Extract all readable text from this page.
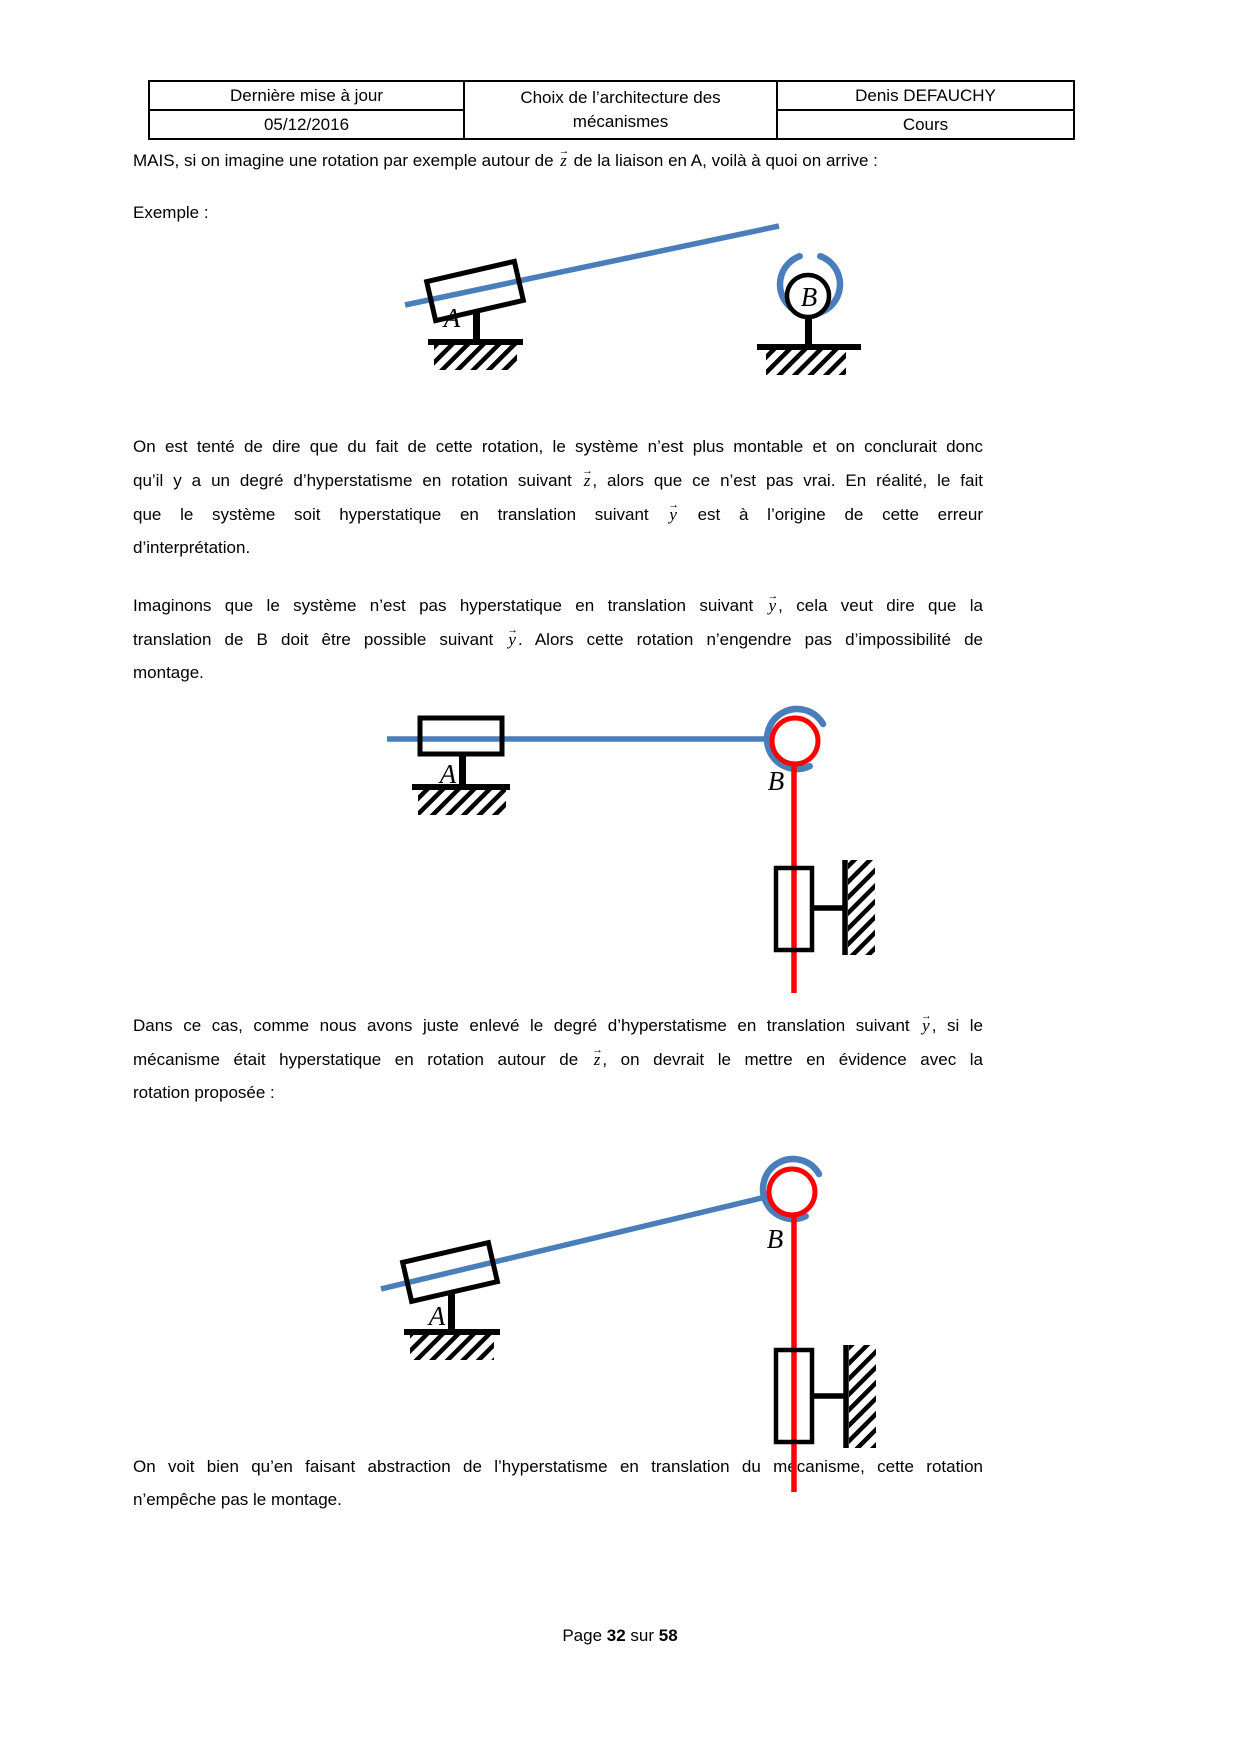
Dernière mise à jour	Choix de l’architecture des mécanismes	Denis DEFAUCHY
05/12/2016		Cours
MAIS, si on imagine une rotation par exemple autour de → z de la liaison en A, voilà à quoi on arrive :
Exemple :
On est tenté de dire que du fait de cette rotation, le système n’est plus montable et on conclurait donc
qu’il y a un degré d’hyperstatisme en rotation suivant → z , alors que ce n’est pas vrai. En réalité, le fait
que le système soit hyperstatique en translation suivant → y est à l’origine de cette erreur
d’interprétation.
Imaginons que le système n’est pas hyperstatique en translation suivant → y , cela veut dire que la
translation de B doit être possible suivant → y . Alors cette rotation n’engendre pas d’impossibilité de
montage.
Dans ce cas, comme nous avons juste enlevé le degré d’hyperstatisme en translation suivant → y , si le
mécanisme était hyperstatique en rotation autour de → z , on devrait le mettre en évidence avec la
rotation proposée :
On voit bien qu’en faisant abstraction de l’hyperstatisme en translation du mécanisme, cette rotation
n’empêche pas le montage.
A
B
A	B
A
B
Page 32 sur 58
